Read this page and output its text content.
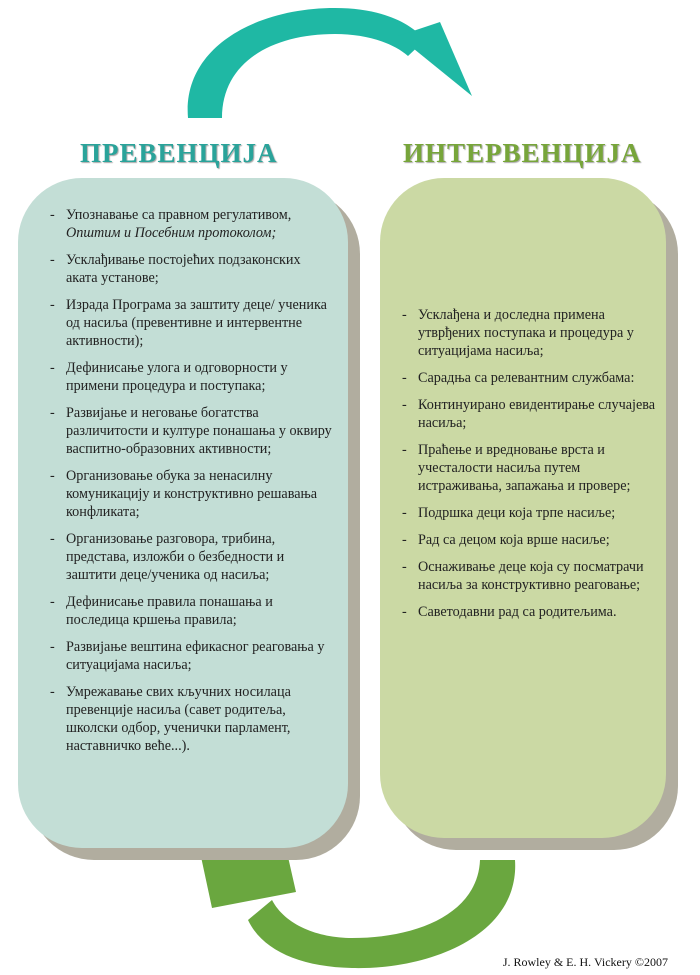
ПРЕВЕНЦИЈА	ИНТЕРВЕНЦИЈА
- Упознавање са правном регулативом,
Општим и Посебним протоколом;
- Усклађивање постојећих подзаконских аката установе;
- Израда Програма за заштиту деце/ ученика од насиља (превентивне и интервентне активности);
- Дефинисање улога и одговорности у примени процедура и поступака;
- Развијање и неговање богатства различитости и културе понашања у оквиру васпитно-образовних активности;
- Организовање обука за ненасилну комуникацију и конструктивно решавања конфликата;
- Организовање разговора, трибина, представа, изложби о безбедности и заштити деце/ученика од насиља;
- Дефинисање правила понашања и последица кршења правила;
- Развијање вештина ефикасног реаговања у ситуацијама насиља;
- Умрежавање свих кључних носилаца превенције насиља (савет родитеља, школски одбор, ученички парламент, наставничко веће...).
- Усклађена и доследна примена утврђених поступака и процедура у ситуацијама насиља;
- Сарадња са релевантним службама:
- Континуирано евидентирање случајева насиља;
- Праћење и вредновање врста и учесталости насиља путем истраживања, запажања и провере;
- Подршка деци која трпе насиље;
- Рад са децом која врше насиље;
- Оснаживање деце која су посматрачи насиља за конструктивно реаговање;
- Саветодавни рад са родитељима.
J. Rowley & E. H. Vickery ©2007
